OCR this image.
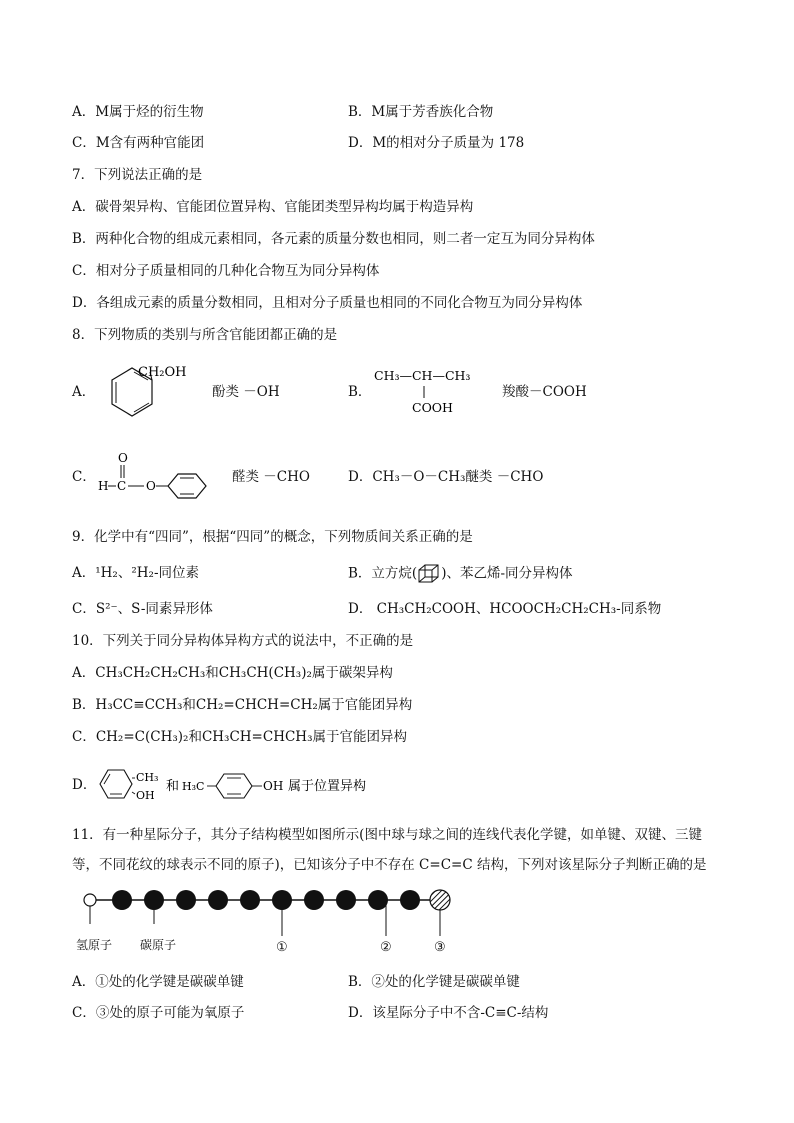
A．M属于烃的衍生物	B．M属于芳香族化合物
C．M含有两种官能团	D．M的相对分子质量为 178
7．下列说法正确的是
A．碳骨架异构、官能团位置异构、官能团类型异构均属于构造异构
B．两种化合物的组成元素相同，各元素的质量分数也相同，则二者一定互为同分异构体
C．相对分子质量相同的几种化合物互为同分异构体
D．各组成元素的质量分数相同，且相对分子质量也相同的不同化合物互为同分异构体
8．下列物质的类别与所含官能团都正确的是
A．
CH₂OH
酚类 －OH	B．
CH₃—CH—CH₃
COOH
羧酸－COOH
C．
O
H C O
醛类 －CHO	D．CH₃－O－CH₃醚类 －CHO
9．化学中有“四同”，根据“四同”的概念，下列物质间关系正确的是
A．¹H₂、²H₂-同位素	B．立方烷( )、苯乙烯-同分异构体
C．S²⁻、S-同素异形体	D． CH₃CH₂COOH、HCOOCH₂CH₂CH₃-同系物
10．下列关于同分异构体异构方式的说法中，不正确的是
A．CH₃CH₂CH₂CH₃和CH₃CH(CH₃)₂属于碳架异构
B．H₃CC≡CCH₃和CH₂=CHCH=CH₂属于官能团异构
C．CH₂=C(CH₃)₂和CH₃CH=CHCH₃属于官能团异构
D．	CH₃
OH
和 H₃C	OH 属于位置异构
11．有一种星际分子，其分子结构模型如图所示(图中球与球之间的连线代表化学键，如单键、双键、三键
等，不同花纹的球表示不同的原子)，已知该分子中不存在 C=C=C 结构，下列对该星际分子判断正确的是
氢原子 碳原子	①	②	③
A．①处的化学键是碳碳单键	B．②处的化学键是碳碳单键
C．③处的原子可能为氧原子	D．该星际分子中不含-C≡C-结构
